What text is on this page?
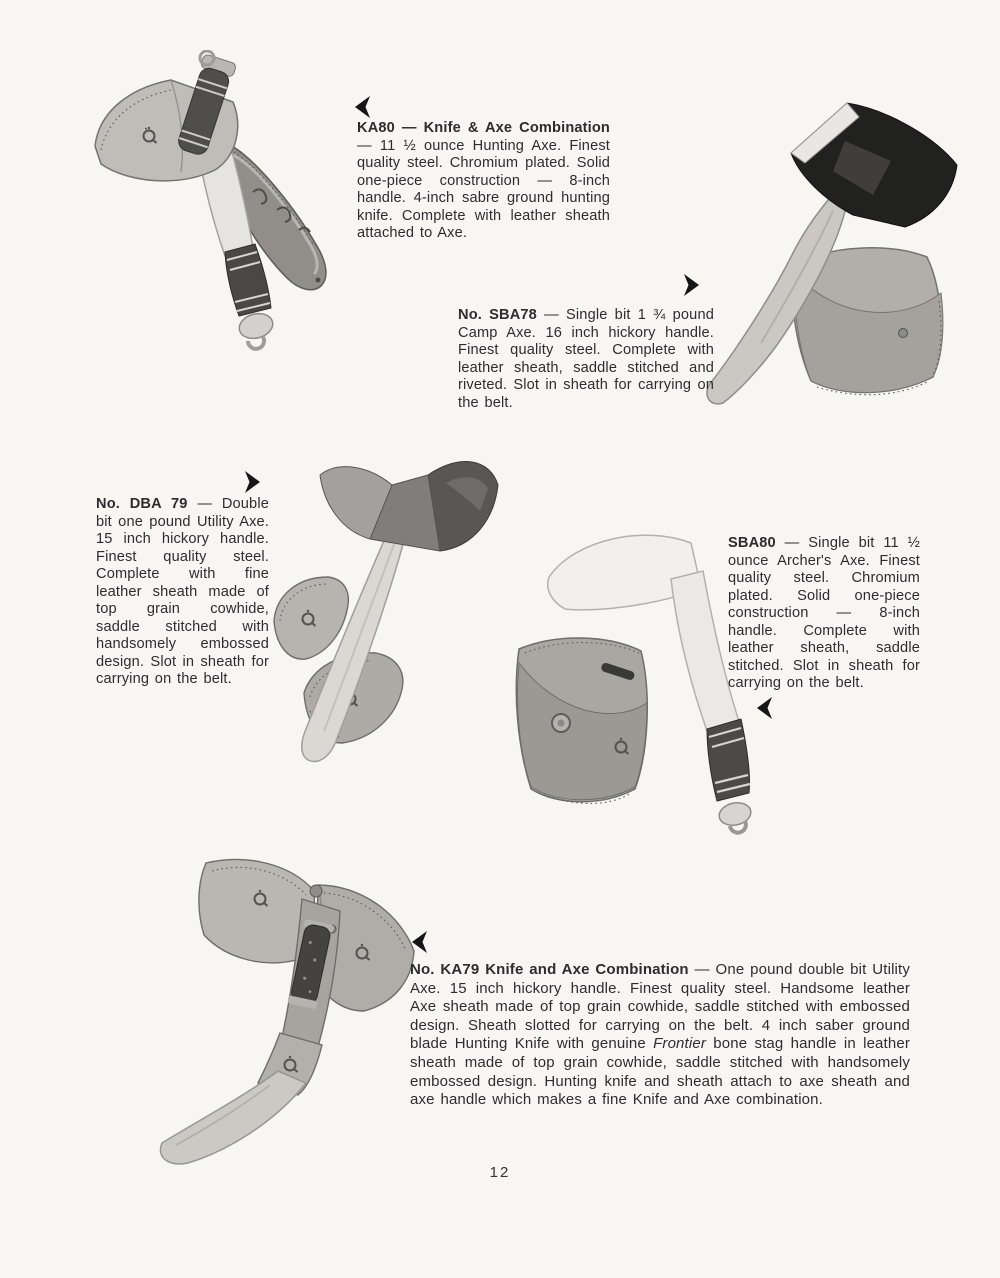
KA80 — Knife & Axe Combination — 11 ½ ounce Hunting Axe. Finest quality steel. Chromium plated. Solid one-piece construction — 8-inch handle. 4-inch sabre ground hunting knife. Complete with leather sheath attached to Axe.

No. SBA78 — Single bit 1 ¾ pound Camp Axe. 16 inch hickory handle. Finest quality steel. Complete with leather sheath, saddle stitched and riveted. Slot in sheath for carrying on the belt.

No. DBA 79 — Double bit one pound Utility Axe. 15 inch hickory handle. Finest quality steel. Complete with fine leather sheath made of top grain cowhide, saddle stitched with handsomely embossed design. Slot in sheath for carrying on the belt.

SBA80 — Single bit 11 ½ ounce Archer's Axe. Finest quality steel. Chromium plated. Solid one-piece construction — 8-inch handle. Complete with leather sheath, saddle stitched. Slot in sheath for carrying on the belt.

No. KA79 Knife and Axe Combination — One pound double bit Utility Axe. 15 inch hickory handle. Finest quality steel. Handsome leather Axe sheath made of top grain cowhide, saddle stitched with embossed design. Sheath slotted for carrying on the belt. 4 inch saber ground blade Hunting Knife with genuine Frontier bone stag handle in leather sheath made of top grain cowhide, saddle stitched with handsomely embossed design. Hunting knife and sheath attach to axe sheath and axe handle which makes a fine Knife and Axe combination.

12
